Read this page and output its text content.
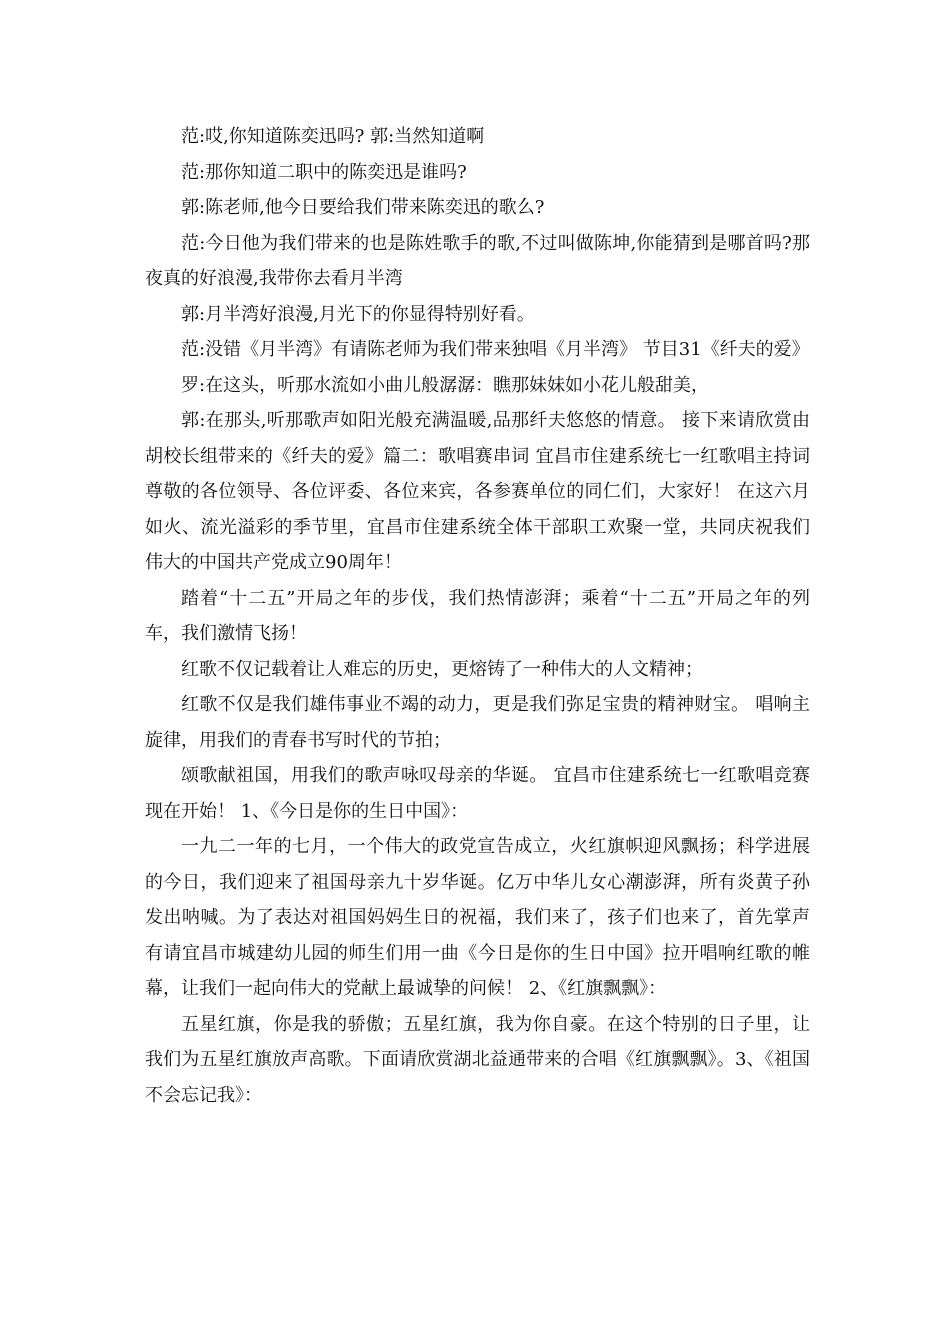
范:哎,你知道陈奕迅吗? 郭:当然知道啊

范:那你知道二职中的陈奕迅是谁吗?

郭:陈老师,他今日要给我们带来陈奕迅的歌么?

范:今日他为我们带来的也是陈姓歌手的歌,不过叫做陈坤,你能猜到是哪首吗?那夜真的好浪漫,我带你去看月半湾

郭:月半湾好浪漫,月光下的你显得特别好看。

范:没错《月半湾》有请陈老师为我们带来独唱《月半湾》 节目31《纤夫的爱》

罗:在这头，听那水流如小曲儿般潺潺：瞧那妹妹如小花儿般甜美，

郭:在那头,听那歌声如阳光般充满温暖,品那纤夫悠悠的情意。 接下来请欣赏由胡校长组带来的《纤夫的爱》篇二：歌唱赛串词 宜昌市住建系统七一红歌唱主持词 尊敬的各位领导、各位评委、各位来宾，各参赛单位的同仁们，大家好！ 在这六月如火、流光溢彩的季节里，宜昌市住建系统全体干部职工欢聚一堂，共同庆祝我们伟大的中国共产党成立90周年！

踏着“十二五”开局之年的步伐，我们热情澎湃；乘着“十二五”开局之年的列车，我们激情飞扬！

红歌不仅记载着让人难忘的历史，更熔铸了一种伟大的人文精神；

红歌不仅是我们雄伟事业不竭的动力，更是我们弥足宝贵的精神财宝。 唱响主旋律，用我们的青春书写时代的节拍；

颂歌献祖国，用我们的歌声咏叹母亲的华诞。 宜昌市住建系统七一红歌唱竞赛现在开始！ 1、《今日是你的生日中国》：

一九二一年的七月，一个伟大的政党宣告成立，火红旗帜迎风飘扬；科学进展的今日，我们迎来了祖国母亲九十岁华诞。亿万中华儿女心潮澎湃，所有炎黄子孙发出呐喊。为了表达对祖国妈妈生日的祝福，我们来了，孩子们也来了，首先掌声有请宜昌市城建幼儿园的师生们用一曲《今日是你的生日中国》拉开唱响红歌的帷幕，让我们一起向伟大的党献上最诚挚的问候！ 2、《红旗飘飘》：

五星红旗，你是我的骄傲；五星红旗，我为你自豪。在这个特别的日子里，让我们为五星红旗放声高歌。下面请欣赏湖北益通带来的合唱《红旗飘飘》。3、《祖国不会忘记我》：
